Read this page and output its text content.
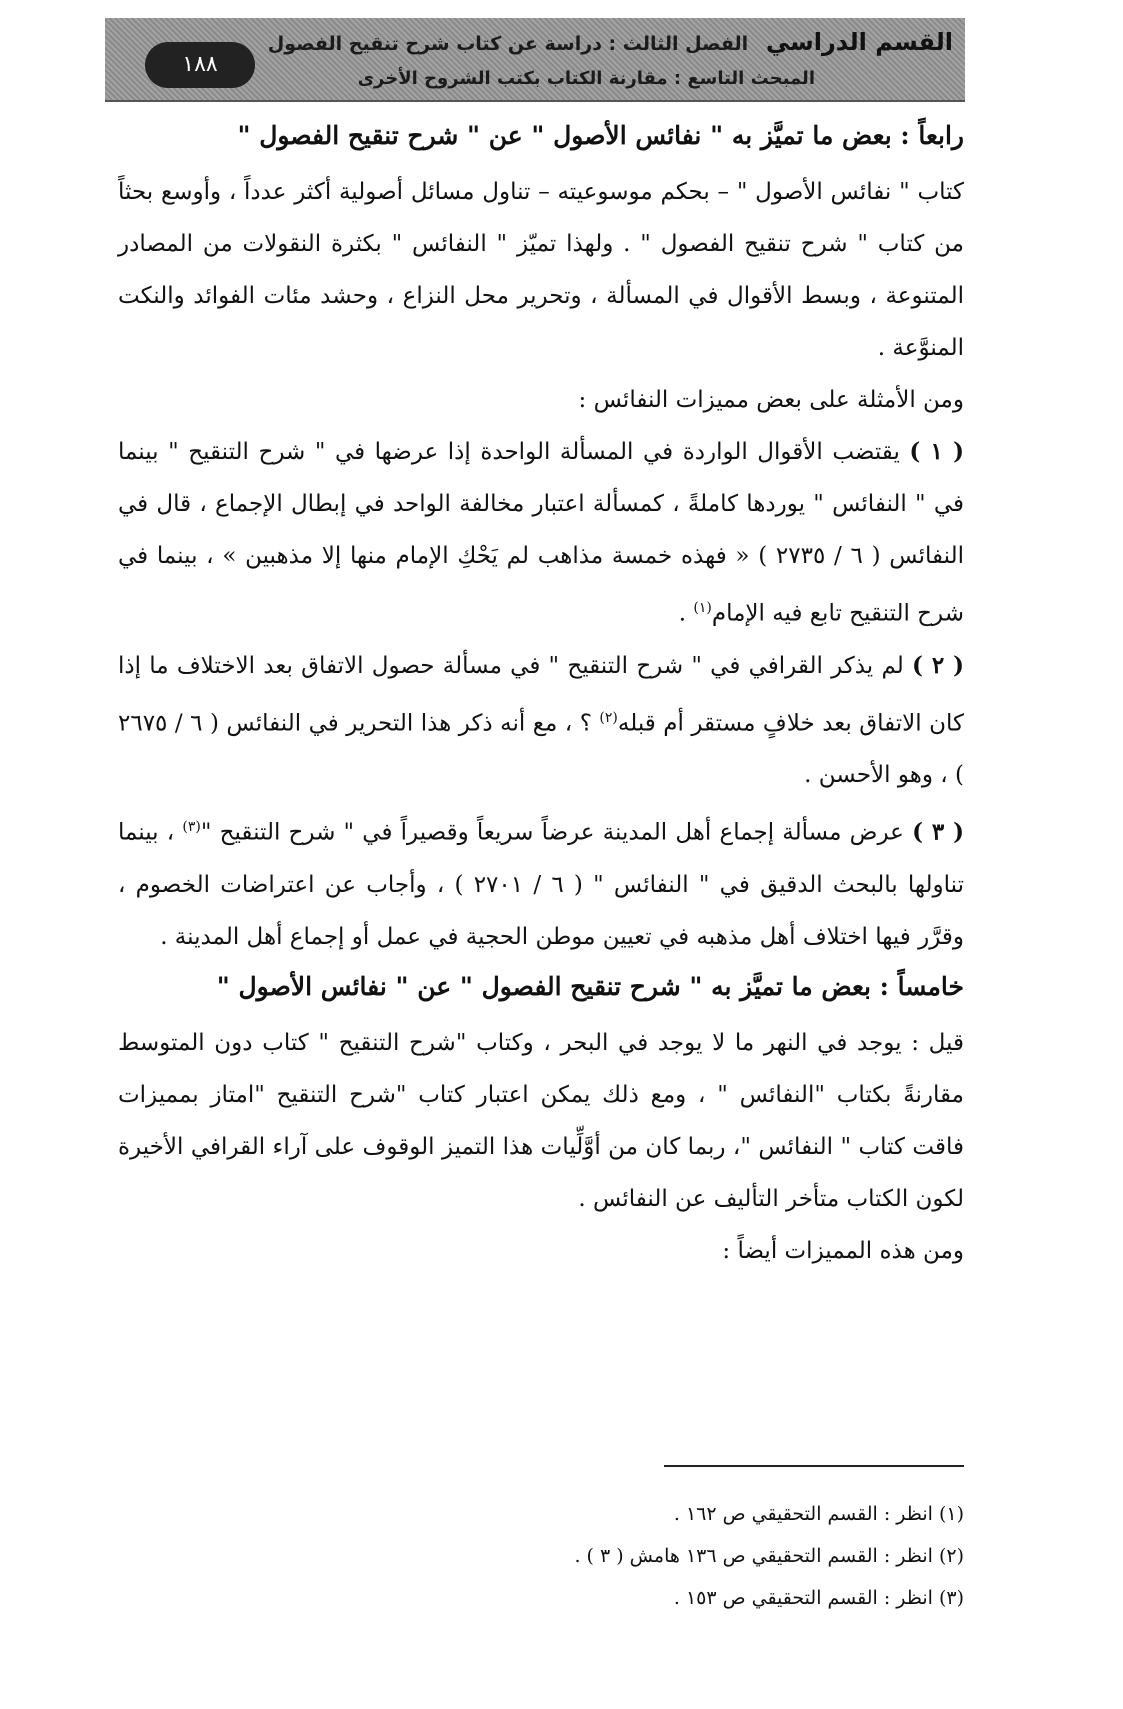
القسم الدراسي الفصل الثالث : دراسة عن كتاب شرح تنقيح الفصول
المبحث التاسع : مقارنة الكتاب بكتب الشروح الأخرى
١٨٨
رابعاً : بعض ما تميَّز به " نفائس الأصول " عن " شرح تنقيح الفصول "

كتاب " نفائس الأصول " – بحكم موسوعيته – تناول مسائل أصولية أكثر عدداً ، وأوسع بحثاً من كتاب " شرح تنقيح الفصول " . ولهذا تميّز " النفائس " بكثرة النقولات من المصادر المتنوعة ، وبسط الأقوال في المسألة ، وتحرير محل النزاع ، وحشد مئات الفوائد والنكت المنوَّعة .

ومن الأمثلة على بعض مميزات النفائس :

( ١ ) يقتضب الأقوال الواردة في المسألة الواحدة إذا عرضها في " شرح التنقيح " بينما في " النفائس " يوردها كاملةً ، كمسألة اعتبار مخالفة الواحد في إبطال الإجماع ، قال في النفائس ( ٦ / ٢٧٣٥ ) « فهذه خمسة مذاهب لم يَحْكِ الإمام منها إلا مذهبين » ، بينما في شرح التنقيح تابع فيه الإمام$^{(١)}$ .

( ٢ ) لم يذكر القرافي في " شرح التنقيح " في مسألة حصول الاتفاق بعد الاختلاف ما إذا كان الاتفاق بعد خلافٍ مستقر أم قبله$^{(٢)}$ ؟ ، مع أنه ذكر هذا التحرير في النفائس ( ٦ / ٢٦٧٥ ) ، وهو الأحسن .

( ٣ ) عرض مسألة إجماع أهل المدينة عرضاً سريعاً وقصيراً في " شرح التنقيح "$^{(٣)}$ ، بينما تناولها بالبحث الدقيق في " النفائس " ( ٦ / ٢٧٠١ ) ، وأجاب عن اعتراضات الخصوم ، وقرَّر فيها اختلاف أهل مذهبه في تعيين موطن الحجية في عمل أو إجماع أهل المدينة .

خامساً : بعض ما تميَّز به " شرح تنقيح الفصول " عن " نفائس الأصول "

قيل : يوجد في النهر ما لا يوجد في البحر ، وكتاب "شرح التنقيح " كتاب دون المتوسط مقارنةً بكتاب "النفائس " ، ومع ذلك يمكن اعتبار كتاب "شرح التنقيح "امتاز بمميزات فاقت كتاب " النفائس "، ربما كان من أوَّلِّيات هذا التميز الوقوف على آراء القرافي الأخيرة لكون الكتاب متأخر التأليف عن النفائس .

ومن هذه المميزات أيضاً :

(١) انظر : القسم التحقيقي ص ١٦٢ .
(٢) انظر : القسم التحقيقي ص ١٣٦ هامش ( ٣ ) .
(٣) انظر : القسم التحقيقي ص ١٥٣ .
